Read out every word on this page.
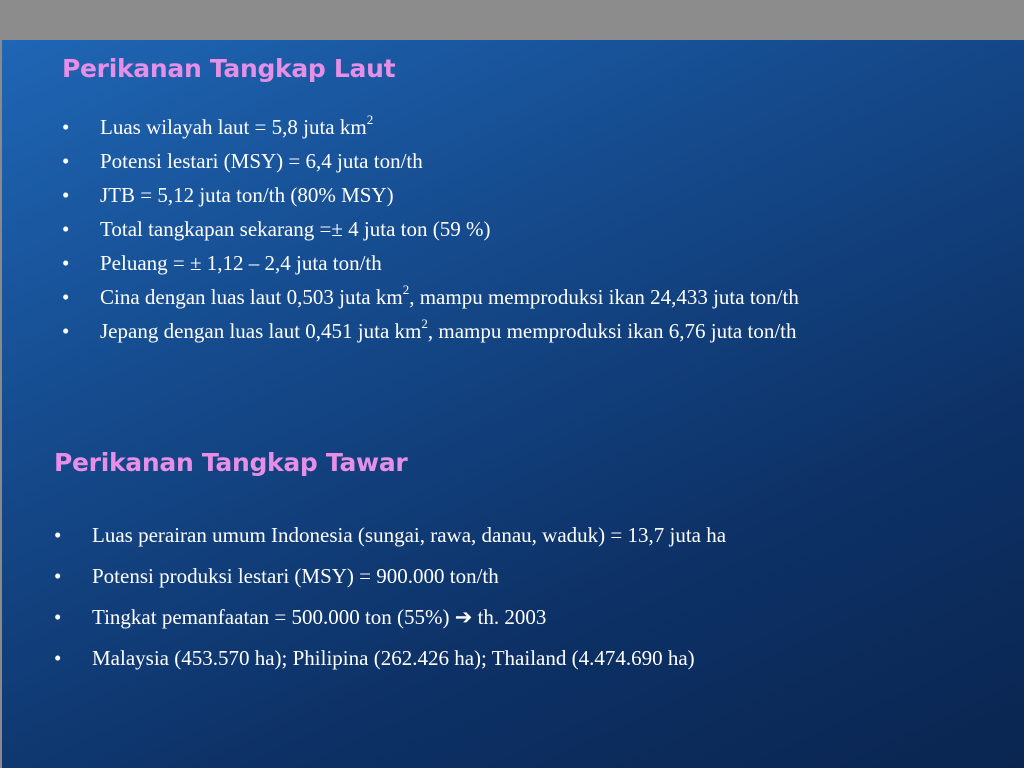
Perikanan Tangkap Laut
• Luas wilayah laut = 5,8 juta $km^2$
• Potensi lestari (MSY) = 6,4 juta ton/th
• JTB = 5,12 juta ton/th (80% MSY)
• Total tangkapan sekarang =± 4 juta ton (59 %)
• Peluang = ± 1,12 – 2,4 juta ton/th
• Cina dengan luas laut 0,503 juta $km^2$, mampu memproduksi ikan 24,433 juta ton/th
• Jepang dengan luas laut 0,451 juta $km^2$, mampu memproduksi ikan 6,76 juta ton/th
Perikanan Tangkap Tawar
• Luas perairan umum Indonesia (sungai, rawa, danau, waduk) = 13,7 juta ha
• Potensi produksi lestari (MSY) = 900.000 ton/th
• Tingkat pemanfaatan = 500.000 ton (55%) ➔ th. 2003
• Malaysia (453.570 ha); Philipina (262.426 ha); Thailand (4.474.690 ha)
